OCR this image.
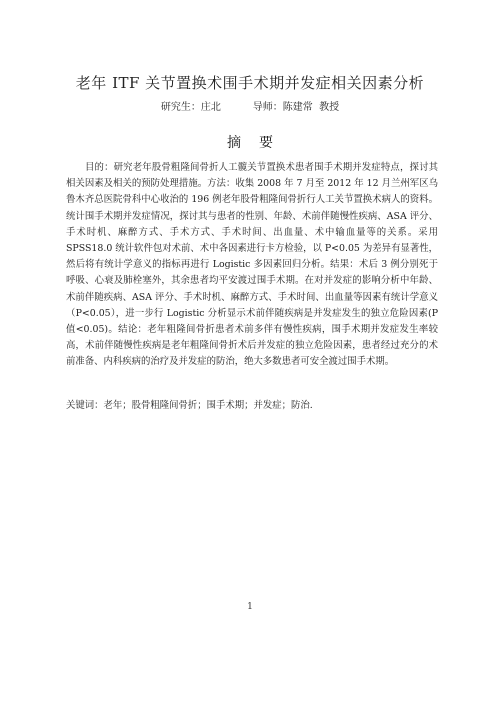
老年 ITF 关节置换术围手术期并发症相关因素分析
研究生：庄北          导师：陈建常  教授
摘要

目的：研究老年股骨粗隆间骨折人工髋关节置换术患者围手术期并发症特点，探讨其相关因素及相关的预防处理措施。方法：收集 2008 年 7 月至 2012 年 12 月兰州军区乌鲁木齐总医院骨科中心收治的 196 例老年股骨粗隆间骨折行人工关节置换术病人的资料。统计围手术期并发症情况，探讨其与患者的性别、年龄、术前伴随慢性疾病、ASA 评分、手术时机、麻醉方式、手术方式、手术时间、出血量、术中输血量等的关系。采用 SPSS18.0 统计软件包对术前、术中各因素进行卡方检验，以 P<0.05 为差异有显著性，然后将有统计学意义的指标再进行 Logistic 多因素回归分析。结果：术后 3 例分别死于呼吸、心衰及肺栓塞外，其余患者均平安渡过围手术期。在对并发症的影响分析中年龄、术前伴随疾病、ASA 评分、手术时机、麻醉方式、手术时间、出血量等因素有统计学意义（P<0.05），进一步行 Logistic 分析显示术前伴随疾病是并发症发生的独立危险因素(P 值<0.05)。结论：老年粗隆间骨折患者术前多伴有慢性疾病，围手术期并发症发生率较高，术前伴随慢性疾病是老年粗隆间骨折术后并发症的独立危险因素，患者经过充分的术前准备、内科疾病的治疗及并发症的防治，绝大多数患者可安全渡过围手术期。

关键词：老年；股骨粗隆间骨折；围手术期；并发症；防治.
1
